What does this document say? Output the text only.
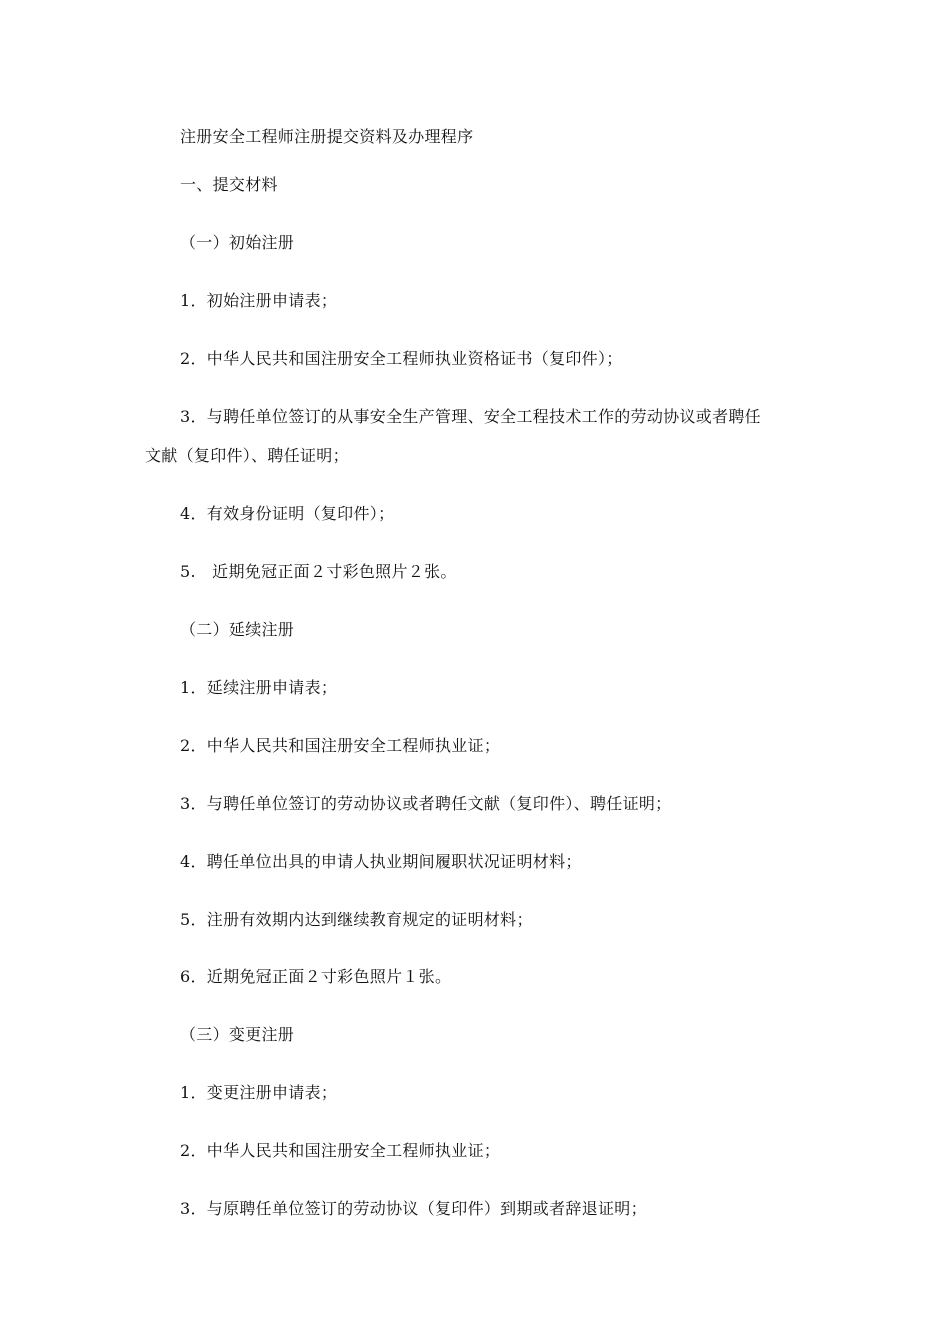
注册安全工程师注册提交资料及办理程序
一、提交材料
（一）初始注册
1．初始注册申请表；
2．中华人民共和国注册安全工程师执业资格证书（复印件）；
3．与聘任单位签订的从事安全生产管理、安全工程技术工作的劳动协议或者聘任
文献（复印件）、聘任证明；
4．有效身份证明（复印件）；
5.　近期免冠正面２寸彩色照片２张。
（二）延续注册
1．延续注册申请表；
2．中华人民共和国注册安全工程师执业证；
3．与聘任单位签订的劳动协议或者聘任文献（复印件）、聘任证明；
4．聘任单位出具的申请人执业期间履职状况证明材料；
5．注册有效期内达到继续教育规定的证明材料；
6．近期免冠正面２寸彩色照片１张。
（三）变更注册
1．变更注册申请表；
2．中华人民共和国注册安全工程师执业证；
3．与原聘任单位签订的劳动协议（复印件）到期或者辞退证明；
